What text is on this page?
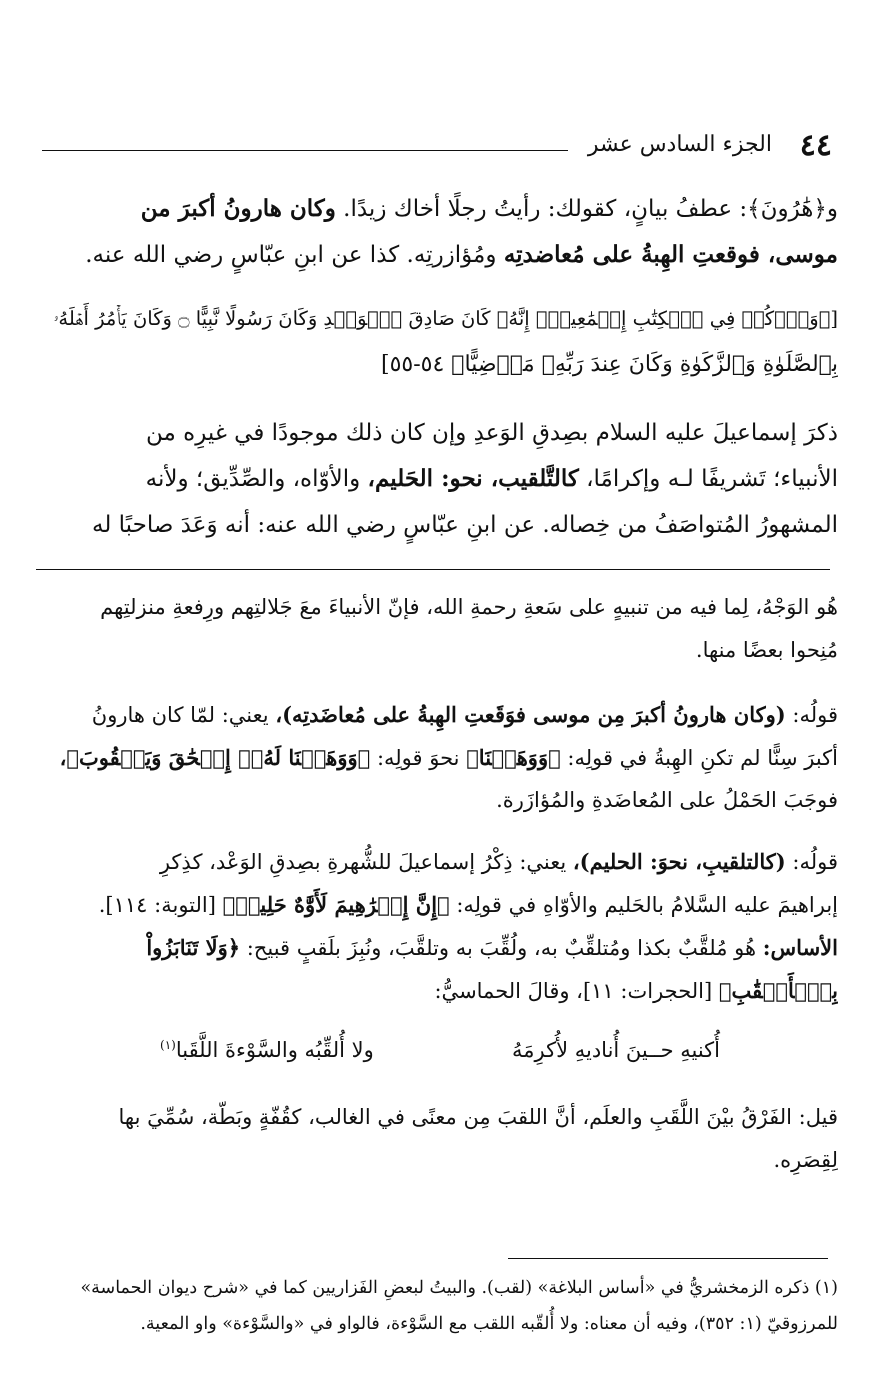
٤٤
الجزء السادس عشر
و﴿هَٰرُونَ﴾: عطفُ بيانٍ، كقولك: رأيتُ رجلًا أخاك زيدًا. وكان هارونُ أكبرَ من
موسى، فوقعتِ الهِبةُ على مُعاضدتِه ومُؤازرتِه. كذا عن ابنِ عبّاسٍ رضي الله عنه.
[﴿وَٱذۡكُرۡ فِي ٱلۡكِتَٰبِ إِسۡمَٰعِيلَۚ إِنَّهُۥ كَانَ صَادِقَ ٱلۡوَعۡدِ وَكَانَ رَسُولًا نَّبِيًّا ۝ وَكَانَ يَأۡمُرُ أَهۡلَهُۥ
بِٱلصَّلَوٰةِ وَٱلزَّكَوٰةِ وَكَانَ عِندَ رَبِّهِۦ مَرۡضِيًّا﴾ ٥٤-٥٥]
ذكرَ إسماعيلَ عليه السلام بصِدقِ الوَعدِ وإن كان ذلك موجودًا في غيرِه من
الأنبياء؛ تَشريفًا لـه وإكرامًا، كالتَّلقيب، نحو: الحَليم، والأوّاه، والصِّدِّيق؛ ولأنه
المشهورُ المُتواصَفُ من خِصاله. عن ابنِ عبّاسٍ رضي الله عنه: أنه وَعَدَ صاحبًا له
هُو الوَجْهُ، لِما فيه من تنبيهٍ على سَعةِ رحمةِ الله، فإنّ الأنبياءَ معَ جَلالتِهم ورِفعةِ منزلتِهم
مُنِحوا بعضًا منها.
قولُه: (وكان هارونُ أكبرَ مِن موسى فوَقَعتِ الهِبةُ على مُعاضَدتِه)، يعني: لمّا كان هارونُ
أكبرَ سِنًّا لم تكنِ الهِبةُ في قولِه: ﴿وَوَهَبۡنَا﴾ نحوَ قولِه: ﴿وَوَهَبۡنَا لَهُۥٓ إِسۡحَٰقَ وَيَعۡقُوبَ﴾،
فوجَبَ الحَمْلُ على المُعاضَدةِ والمُؤازَرة.
قولُه: (كالتلقيبِ، نحوَ: الحليم)، يعني: ذِكْرُ إسماعيلَ للشُّهرةِ بصِدقِ الوَعْد، كذِكرِ
إبراهيمَ عليه السَّلامُ بالحَليم والأوّاهِ في قولِه: ﴿إِنَّ إِبۡرَٰهِيمَ لَأَوَّٰهٌ حَلِيمٞ﴾ [التوبة: ١١٤].
الأساس: هُو مُلقَّبٌ بكذا ومُتلقِّبٌ به، ولُقِّبَ به وتلقَّبَ، ونُبِزَ بلَقبٍ قبيح: ﴿وَلَا تَنَابَزُواْ
بِٱلۡأَلۡقَٰبِ﴾ [الحجرات: ١١]، وقالَ الحماسيُّ:
أُكنيهِ حــينَ أُناديهِ لأُكرِمَهُ
ولا أُلقِّبُه والسَّوْءةَ اللَّقَبا$^{(١)}$
قيل: الفَرْقُ بيْنَ اللَّقَبِ والعلَم، أنَّ اللقبَ مِن معنًى في الغالب، كقُفّةٍ وبَطّة، سُمِّيَ بها
لِقِصَرِه.
(١) ذكره الزمخشريُّ في «أساس البلاغة» (لقب). والبيتُ لبعضِ الفَزاريين كما في «شرح ديوان الحماسة»
للمرزوقيّ (١: ٣٥٢)، وفيه أن معناه: ولا أُلقّبه اللقب مع السَّوْءة، فالواو في «والسَّوْءة» واو المعية.
